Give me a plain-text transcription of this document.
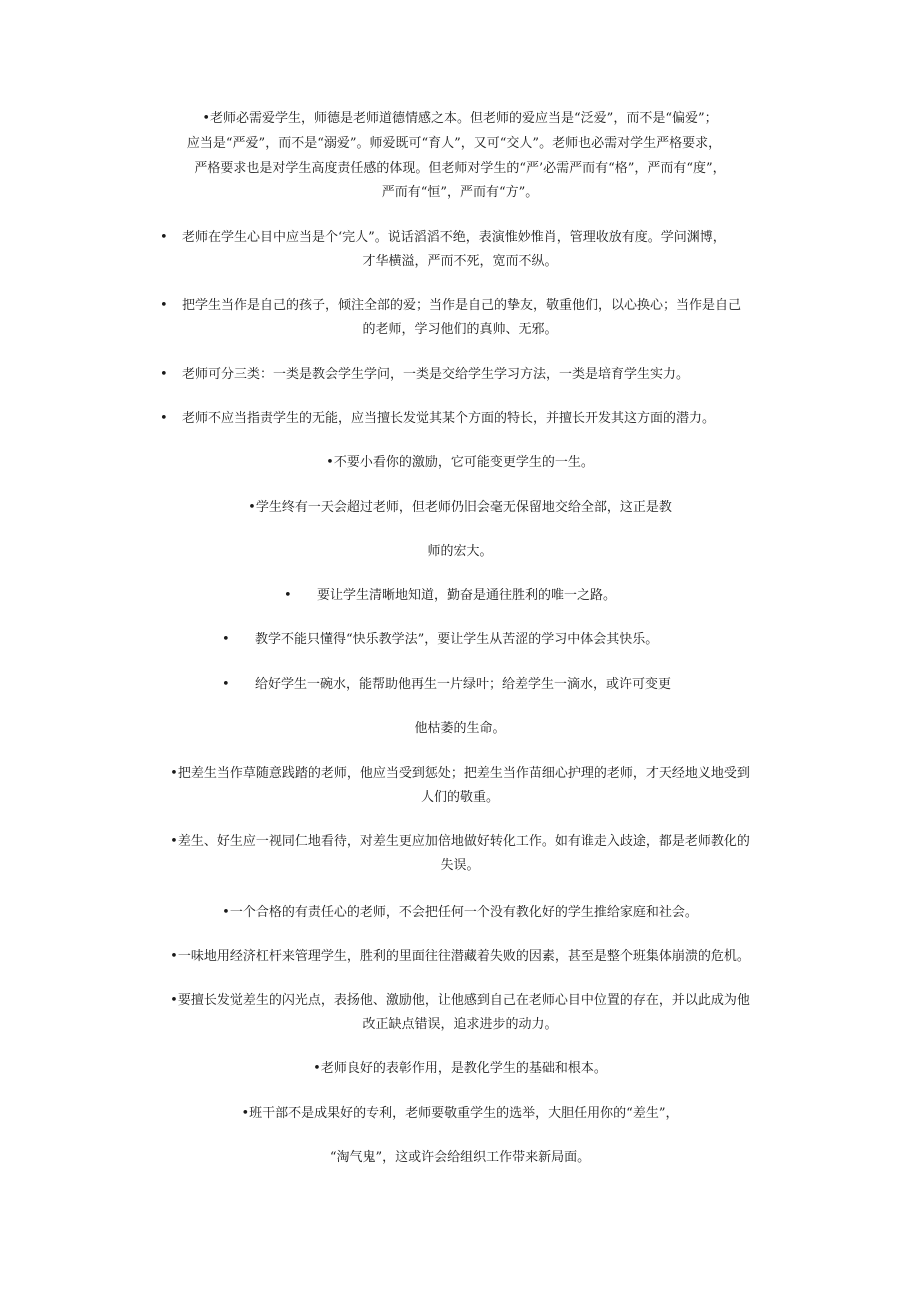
•老师必需爱学生，师德是老师道德情感之本。但老师的爱应当是“泛爱”，而不是“偏爱”；
应当是“严爱”，而不是“溺爱”。师爱既可“育人”，又可“交人”。老师也必需对学生严格要求，
严格要求也是对学生高度责任感的体现。但老师对学生的“严’必需严而有“格”，严而有“度”，
严而有“恒”，严而有“方”。
• 老师在学生心目中应当是个‘完人”。说话滔滔不绝，表演惟妙惟肖，管理收放有度。学问渊博，
才华横溢，严而不死，宽而不纵。
• 把学生当作是自己的孩子，倾注全部的爱；当作是自己的挚友，敬重他们，以心换心；当作是自己
的老师，学习他们的真帅、无邪。
• 老师可分三类：一类是教会学生学问，一类是交给学生学习方法，一类是培育学生实力。
• 老师不应当指责学生的无能，应当擅长发觉其某个方面的特长，并擅长开发其这方面的潜力。
•不要小看你的激励，它可能变更学生的一生。
•学生终有一天会超过老师，但老师仍旧会毫无保留地交给全部，这正是教
师的宏大。
• 要让学生清晰地知道，勤奋是通往胜利的唯一之路。
• 教学不能只懂得“快乐教学法”，要让学生从苦涩的学习中体会其快乐。
• 给好学生一碗水，能帮助他再生一片绿叶；给差学生一滴水，或许可变更
他枯萎的生命。
•把差生当作草随意践踏的老师，他应当受到惩处；把差生当作苗细心护理的老师，才天经地义地受到
人们的敬重。
•差生、好生应一视同仁地看待，对差生更应加倍地做好转化工作。如有谁走入歧途，都是老师教化的
失误。
•一个合格的有责任心的老师，不会把任何一个没有教化好的学生推给家庭和社会。
•一味地用经济杠杆来管理学生，胜利的里面往往潜藏着失败的因素，甚至是整个班集体崩溃的危机。
•要擅长发觉差生的闪光点，表扬他、激励他，让他感到自己在老师心目中位置的存在，并以此成为他
改正缺点错误，追求进步的动力。
•老师良好的表彰作用，是教化学生的基础和根本。
•班干部不是成果好的专利，老师要敬重学生的选举，大胆任用你的“差生”，
“淘气鬼”，这或许会给组织工作带来新局面。
